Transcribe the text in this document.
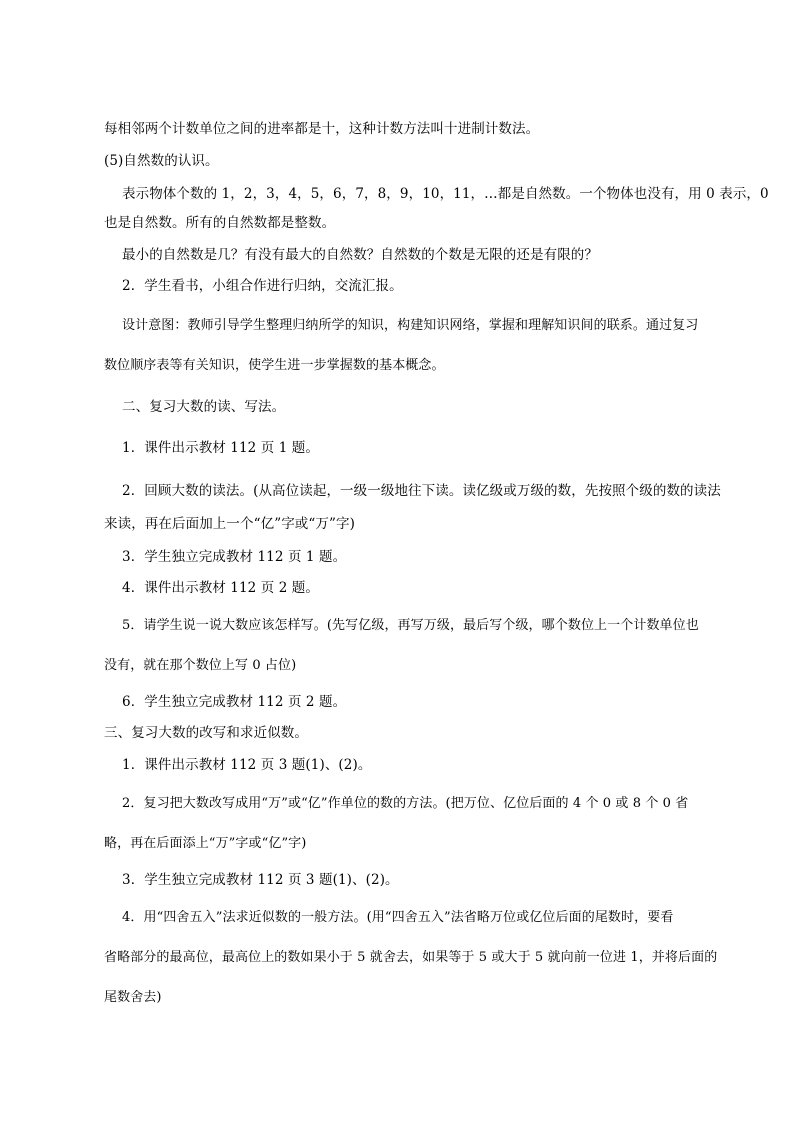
每相邻两个计数单位之间的进率都是十，这种计数方法叫十进制计数法。
(5)自然数的认识。
表示物体个数的 1，2，3，4，5，6，7，8，9，10，11，…都是自然数。一个物体也没有，用 0 表示，0
也是自然数。所有的自然数都是整数。
最小的自然数是几？有没有最大的自然数？自然数的个数是无限的还是有限的？
2．学生看书，小组合作进行归纳，交流汇报。
设计意图：教师引导学生整理归纳所学的知识，构建知识网络，掌握和理解知识间的联系。通过复习
数位顺序表等有关知识，使学生进一步掌握数的基本概念。
二、复习大数的读、写法。
1．课件出示教材 112 页 1 题。
2．回顾大数的读法。(从高位读起，一级一级地往下读。读亿级或万级的数，先按照个级的数的读法
来读，再在后面加上一个“亿”字或“万”字)
3．学生独立完成教材 112 页 1 题。
4．课件出示教材 112 页 2 题。
5．请学生说一说大数应该怎样写。(先写亿级，再写万级，最后写个级，哪个数位上一个计数单位也
没有，就在那个数位上写 0 占位)
6．学生独立完成教材 112 页 2 题。
三、复习大数的改写和求近似数。
1．课件出示教材 112 页 3 题(1)、(2)。
2．复习把大数改写成用“万”或“亿”作单位的数的方法。(把万位、亿位后面的 4 个 0 或 8 个 0 省
略，再在后面添上“万”字或“亿”字)
3．学生独立完成教材 112 页 3 题(1)、(2)。
4．用“四舍五入”法求近似数的一般方法。(用“四舍五入”法省略万位或亿位后面的尾数时，要看
省略部分的最高位，最高位上的数如果小于 5 就舍去，如果等于 5 或大于 5 就向前一位进 1，并将后面的
尾数舍去)
